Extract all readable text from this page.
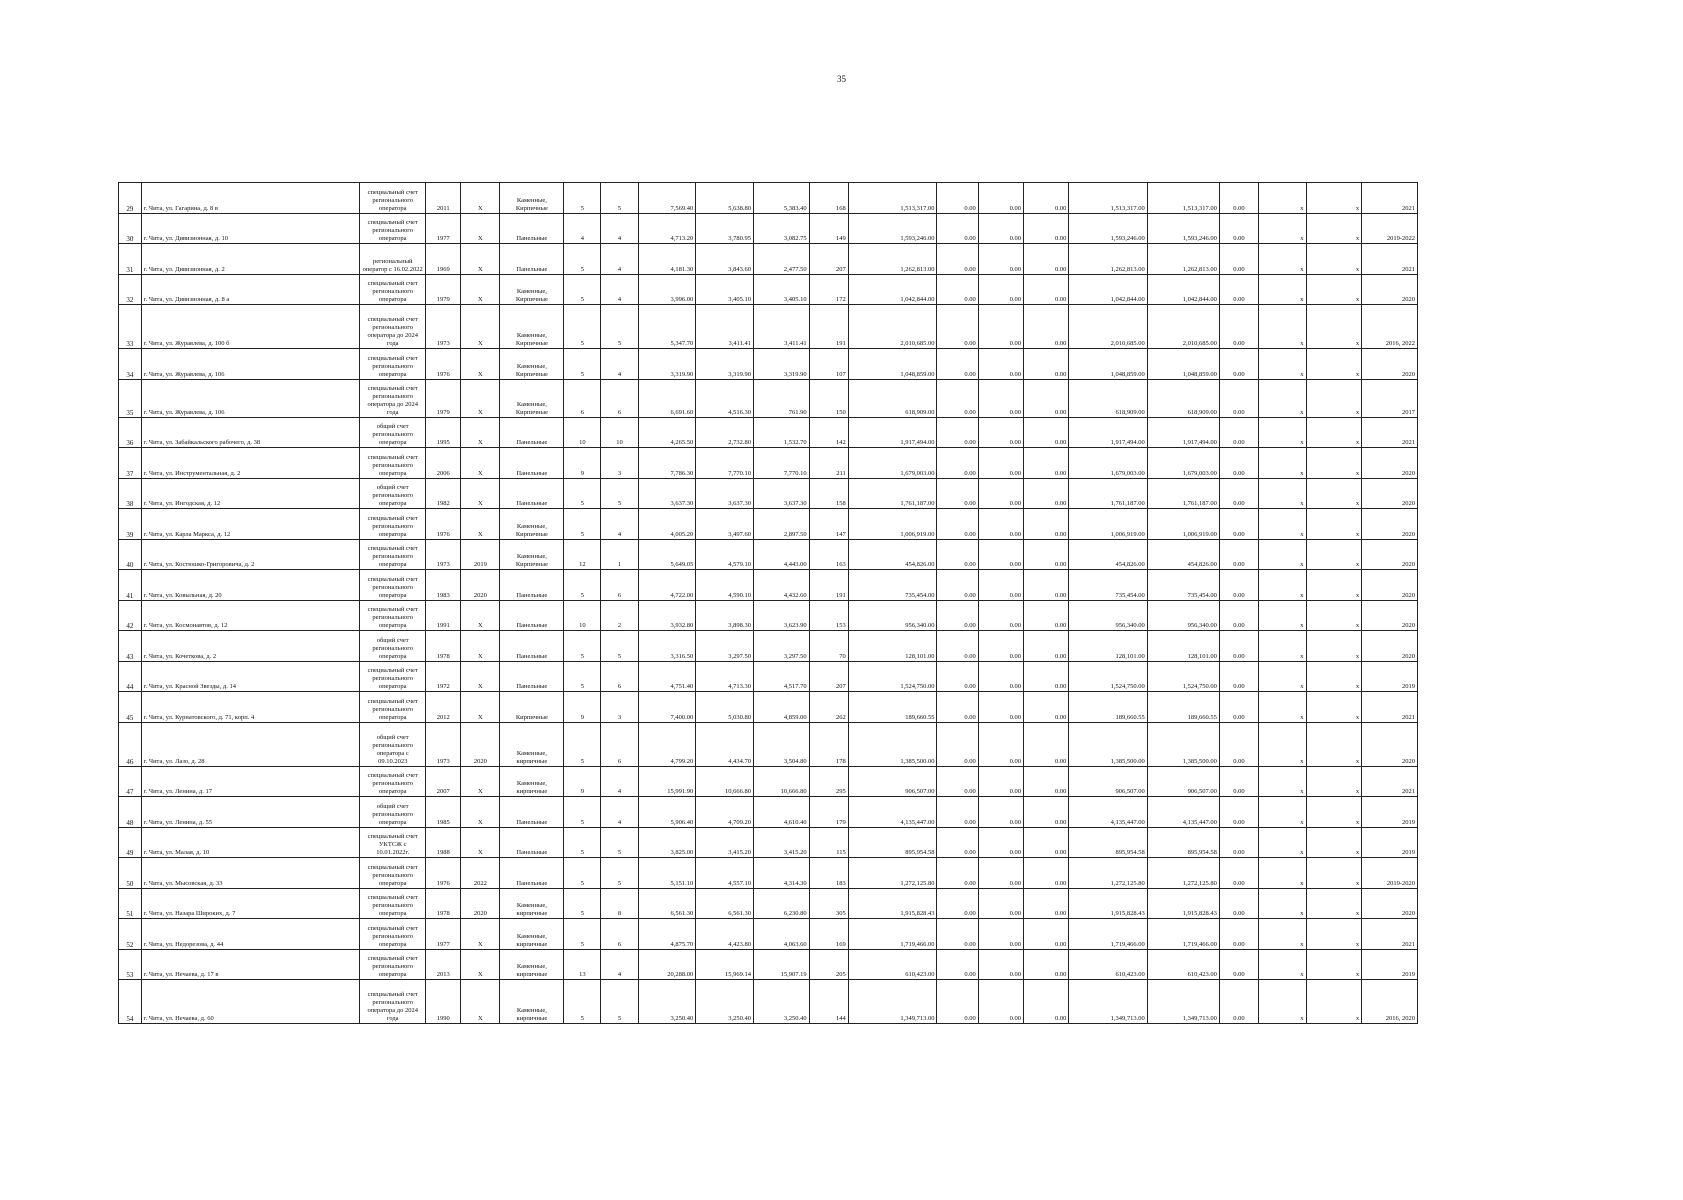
35
29	г. Чита, ул. Гагарина, д. 8 в	специальный счет регионального оператора	2011	Х	Каменные, Кирпичные	5	5	7,569.40	5,638.80	5,383.40	168	1,513,317.00	0.00	0.00	0.00	1,513,317.00	1,513,317.00	0.00	х	х	2021
30	г. Чита, ул. Дивизионная, д. 10	специальный счет регионального оператора	1977	Х	Панельные	4	4	4,713.20	3,780.95	3,082.75	149	1,593,246.00	0.00	0.00	0.00	1,593,246.00	1,593,246.00	0.00	х	х	2019-2022
31	г. Чита, ул. Дивизионная, д. 2	региональный оператор с 16.02.2022	1969	Х	Панельные	5	4	4,181.30	3,843.60	2,477.50	207	1,262,813.00	0.00	0.00	0.00	1,262,813.00	1,262,813.00	0.00	х	х	2021
32	г. Чита, ул. Дивизионная, д. 8 а	специальный счет регионального оператора	1979	Х	Каменные, Кирпичные	5	4	3,996.00	3,405.10	3,405.10	172	1,042,844.00	0.00	0.00	0.00	1,042,844.00	1,042,844.00	0.00	х	х	2020
33	г. Чита, ул. Журавлева, д. 100 б	специальный счет регионального оператора до 2024 года	1973	Х	Каменные, Кирпичные	5	5	5,347.70	3,411.41	3,411.41	191	2,010,685.00	0.00	0.00	0.00	2,010,685.00	2,010,685.00	0.00	х	х	2016, 2022
34	г. Чита, ул. Журавлева, д. 106	специальный счет регионального оператора	1976	Х	Каменные, Кирпичные	5	4	3,319.90	3,319.90	3,319.90	107	1,048,859.00	0.00	0.00	0.00	1,048,859.00	1,048,859.00	0.00	х	х	2020
35	г. Чита, ул. Журавлева, д. 106	специальный счет регионального оператора до 2024 года	1979	Х	Каменные, Кирпичные	6	6	6,691.60	4,516.30	761.90	150	618,909.00	0.00	0.00	0.00	618,909.00	618,909.00	0.00	х	х	2017
36	г. Чита, ул. Забайкальского рабочего, д. 38	общий счет регионального оператора	1995	Х	Панельные	10	10	4,265.50	2,732.80	1,532.70	142	1,917,494.00	0.00	0.00	0.00	1,917,494.00	1,917,494.00	0.00	х	х	2021
37	г. Чита, ул. Инструментальная, д. 2	специальный счет регионального оператора	2006	Х	Панельные	9	3	7,786.30	7,770.10	7,770.10	211	1,679,003.00	0.00	0.00	0.00	1,679,003.00	1,679,003.00	0.00	х	х	2020
38	г. Чита, ул. Ингодская, д. 12	общий счет регионального оператора	1982	Х	Панельные	5	5	3,637.30	3,637.30	3,637.30	158	1,761,187.00	0.00	0.00	0.00	1,761,187.00	1,761,187.00	0.00	х	х	2020
39	г. Чита, ул. Карла Маркса, д. 12	специальный счет регионального оператора	1976	Х	Каменные, Кирпичные	5	4	4,005.20	3,497.60	2,897.50	147	1,006,919.00	0.00	0.00	0.00	1,006,919.00	1,006,919.00	0.00	х	х	2020
40	г. Чита, ул. Костюшко-Григоровича, д. 2	специальный счет регионального оператора	1973	2019	Каменные, Кирпичные	12	1	5,649.05	4,579.10	4,443.00	163	454,826.00	0.00	0.00	0.00	454,826.00	454,826.00	0.00	х	х	2020
41	г. Чита, ул. Ковыльная, д. 20	специальный счет регионального оператора	1983	2020	Панельные	5	6	4,722.00	4,590.10	4,432.60	191	735,454.00	0.00	0.00	0.00	735,454.00	735,454.00	0.00	х	х	2020
42	г. Чита, ул. Космонавтов, д. 12	специальный счет регионального оператора	1991	Х	Панельные	10	2	3,932.80	3,898.30	3,623.90	153	956,340.00	0.00	0.00	0.00	956,340.00	956,340.00	0.00	х	х	2020
43	г. Чита, ул. Кочеткова, д. 2	общий счет регионального оператора	1978	Х	Панельные	5	5	3,316.50	3,297.50	3,297.50	70	128,101.00	0.00	0.00	0.00	128,101.00	128,101.00	0.00	х	х	2020
44	г. Чита, ул. Красной Звезды, д. 14	специальный счет регионального оператора	1972	Х	Панельные	5	6	4,751.40	4,713.30	4,517.70	207	1,524,750.00	0.00	0.00	0.00	1,524,750.00	1,524,750.00	0.00	х	х	2019
45	г. Чита, ул. Курнатовского, д. 71, корп. 4	специальный счет регионального оператора	2012	Х	Кирпичные	9	3	7,400.00	5,030.80	4,859.00	262	189,660.55	0.00	0.00	0.00	189,660.55	189,660.55	0.00	х	х	2021
46	г. Чита, ул. Лазо, д. 28	общий счет регионального оператора с 09.10.2023	1973	2020	Каменные, кирпичные	5	6	4,799.20	4,434.70	3,504.80	178	1,385,500.00	0.00	0.00	0.00	1,385,500.00	1,385,500.00	0.00	х	х	2020
47	г. Чита, ул. Ленина, д. 17	специальный счет регионального оператора	2007	Х	Каменные, кирпичные	9	4	15,991.90	10,666.80	10,666.80	295	906,507.00	0.00	0.00	0.00	906,507.00	906,507.00	0.00	х	х	2021
48	г. Чита, ул. Ленина, д. 55	общий счет регионального оператора	1985	Х	Панельные	5	4	5,906.40	4,709.20	4,610.40	179	4,135,447.00	0.00	0.00	0.00	4,135,447.00	4,135,447.00	0.00	х	х	2019
49	г. Чита, ул. Малая, д. 10	специальный счет УКТСЖ с 10.01.2022г.	1988	Х	Панельные	5	5	3,825.00	3,415.20	3,415.20	115	895,954.58	0.00	0.00	0.00	895,954.58	895,954.58	0.00	х	х	2019
50	г. Чита, ул. Мысовская, д. 33	специальный счет регионального оператора	1976	2022	Панельные	5	5	5,151.10	4,557.10	4,314.30	183	1,272,125.80	0.00	0.00	0.00	1,272,125.80	1,272,125.80	0.00	х	х	2019-2020
51	г. Чита, ул. Назара Широких, д. 7	специальный счет регионального оператора	1978	2020	Каменные, кирпичные	5	8	6,561.30	6,561.30	6,230.80	305	1,915,828.43	0.00	0.00	0.00	1,915,828.43	1,915,828.43	0.00	х	х	2020
52	г. Чита, ул. Недорезова, д. 44	специальный счет регионального оператора	1977	Х	Каменные, кирпичные	5	6	4,875.70	4,423.80	4,063.60	169	1,719,466.00	0.00	0.00	0.00	1,719,466.00	1,719,466.00	0.00	х	х	2021
53	г. Чита, ул. Нечаева, д. 17 в	специальный счет регионального оператора	2013	Х	Каменные, кирпичные	13	4	20,288.00	15,969.14	15,907.19	205	610,423.00	0.00	0.00	0.00	610,423.00	610,423.00	0.00	х	х	2019
54	г. Чита, ул. Нечаева, д. 60	специальный счет регионального оператора до 2024 года	1990	Х	Каменные, кирпичные	5	5	3,250.40	3,250.40	3,250.40	144	1,349,713.00	0.00	0.00	0.00	1,349,713.00	1,349,713.00	0.00	х	х	2016, 2020
